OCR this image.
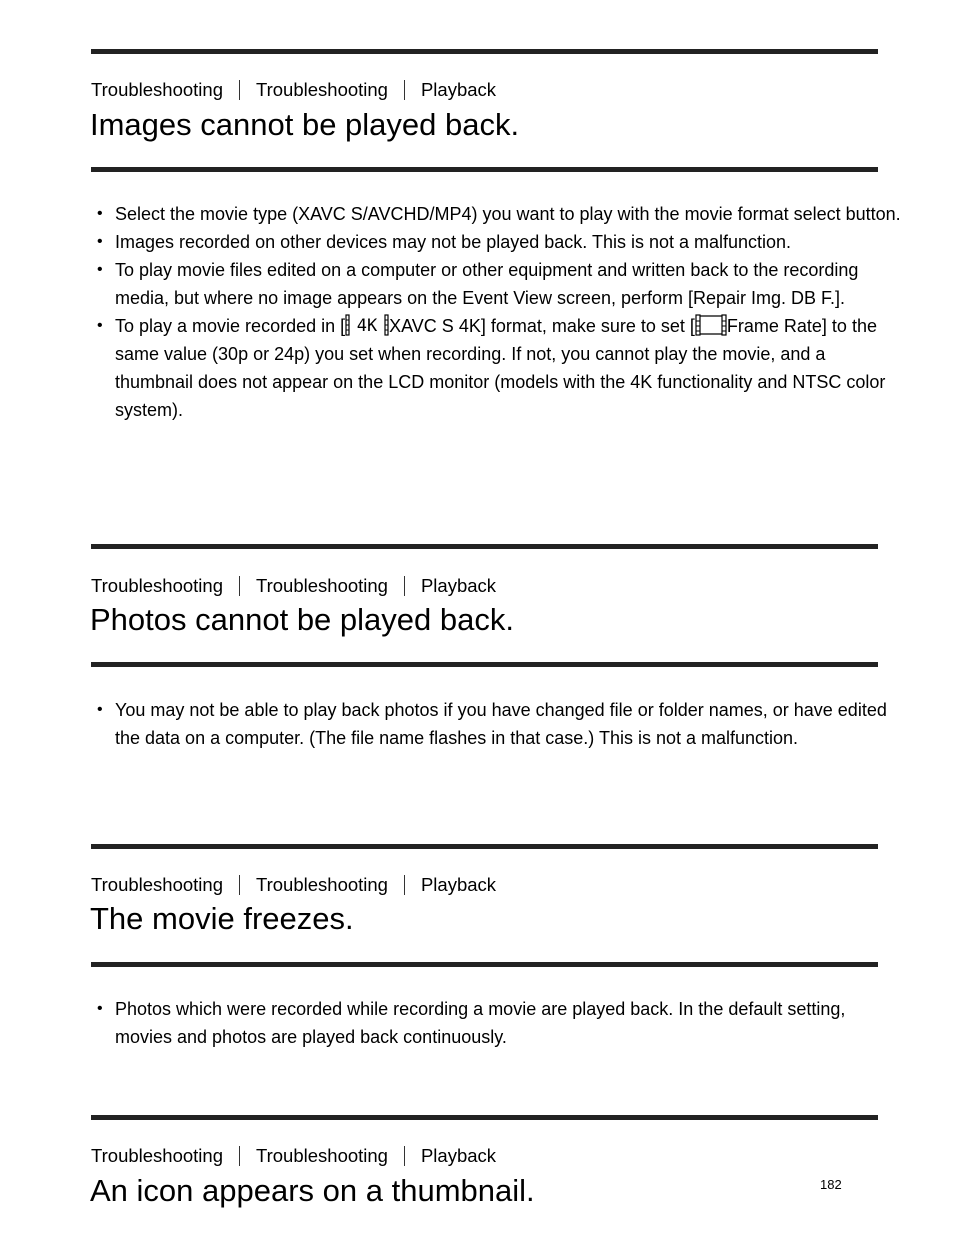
Troubleshooting Troubleshooting Playback
Images cannot be played back.
• Select the movie type (XAVC S/AVCHD/MP4) you want to play with the movie format select button.
• Images recorded on other devices may not be played back. This is not a malfunction.
• To play movie files edited on a computer or other equipment and written back to the recording media, but where no image appears on the Event View screen, perform [Repair Img. DB F.].
• To play a movie recorded in [ 4K XAVC S 4K] format, make sure to set [ Frame Rate] to the same value (30p or 24p) you set when recording. If not, you cannot play the movie, and a thumbnail does not appear on the LCD monitor (models with the 4K functionality and NTSC color system).
Troubleshooting Troubleshooting Playback
Photos cannot be played back.
• You may not be able to play back photos if you have changed file or folder names, or have edited the data on a computer. (The file name flashes in that case.) This is not a malfunction.
Troubleshooting Troubleshooting Playback
The movie freezes.
• Photos which were recorded while recording a movie are played back. In the default setting, movies and photos are played back continuously.
Troubleshooting Troubleshooting Playback
An icon appears on a thumbnail.	182
